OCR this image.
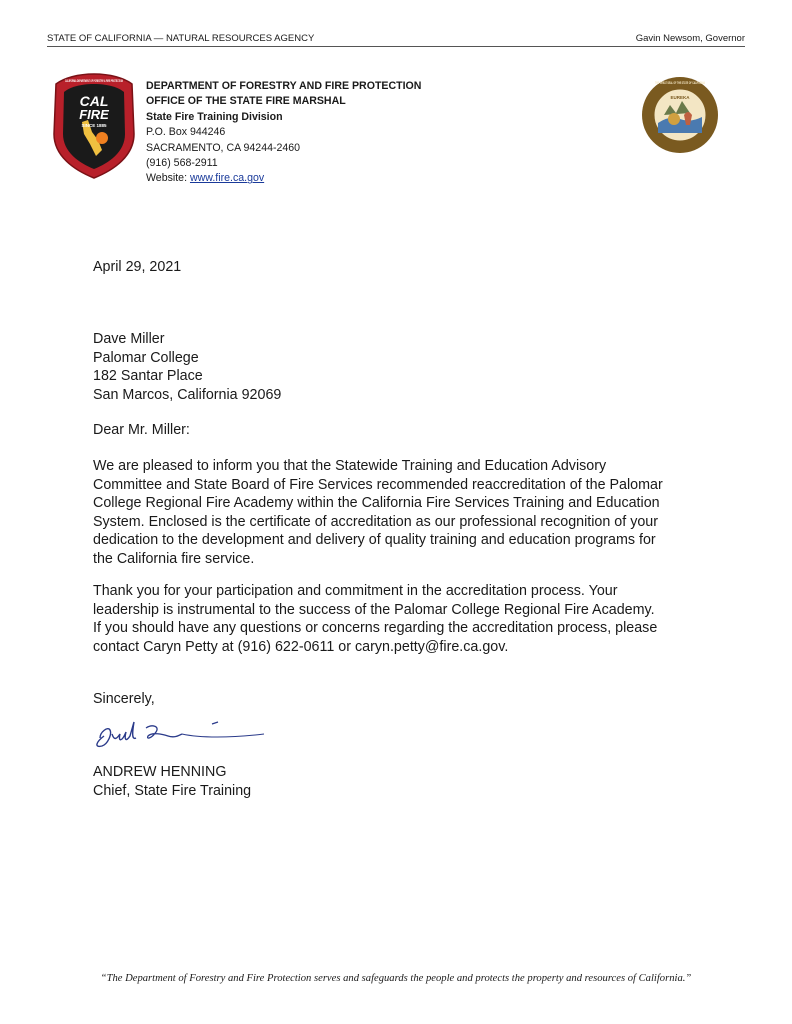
STATE OF CALIFORNIA — NATURAL RESOURCES AGENCY	Gavin Newsom, Governor
CALIFORNIA DEPARTMENT OF FORESTRY & FIRE PROTECTION
CAL
FIRE
SINCE 1885
DEPARTMENT OF FORESTRY AND FIRE PROTECTION
OFFICE OF THE STATE FIRE MARSHAL
State Fire Training Division
P.O. Box 944246
SACRAMENTO, CA 94244-2460
(916) 568-2911
Website: www.fire.ca.gov
EUREKA
THE GREAT SEAL OF THE STATE OF CALIFORNIA
April 29, 2021
Dave Miller
Palomar College
182 Santar Place
San Marcos, California 92069
Dear Mr. Miller:
We are pleased to inform you that the Statewide Training and Education Advisory
Committee and State Board of Fire Services recommended reaccreditation of the Palomar
College Regional Fire Academy within the California Fire Services Training and Education
System. Enclosed is the certificate of accreditation as our professional recognition of your
dedication to the development and delivery of quality training and education programs for
the California fire service.
Thank you for your participation and commitment in the accreditation process. Your
leadership is instrumental to the success of the Palomar College Regional Fire Academy.
If you should have any questions or concerns regarding the accreditation process, please
contact Caryn Petty at (916) 622-0611 or caryn.petty@fire.ca.gov.
Sincerely,
ANDREW HENNING
Chief, State Fire Training
“The Department of Forestry and Fire Protection serves and safeguards the people and protects the property and resources of California.”
